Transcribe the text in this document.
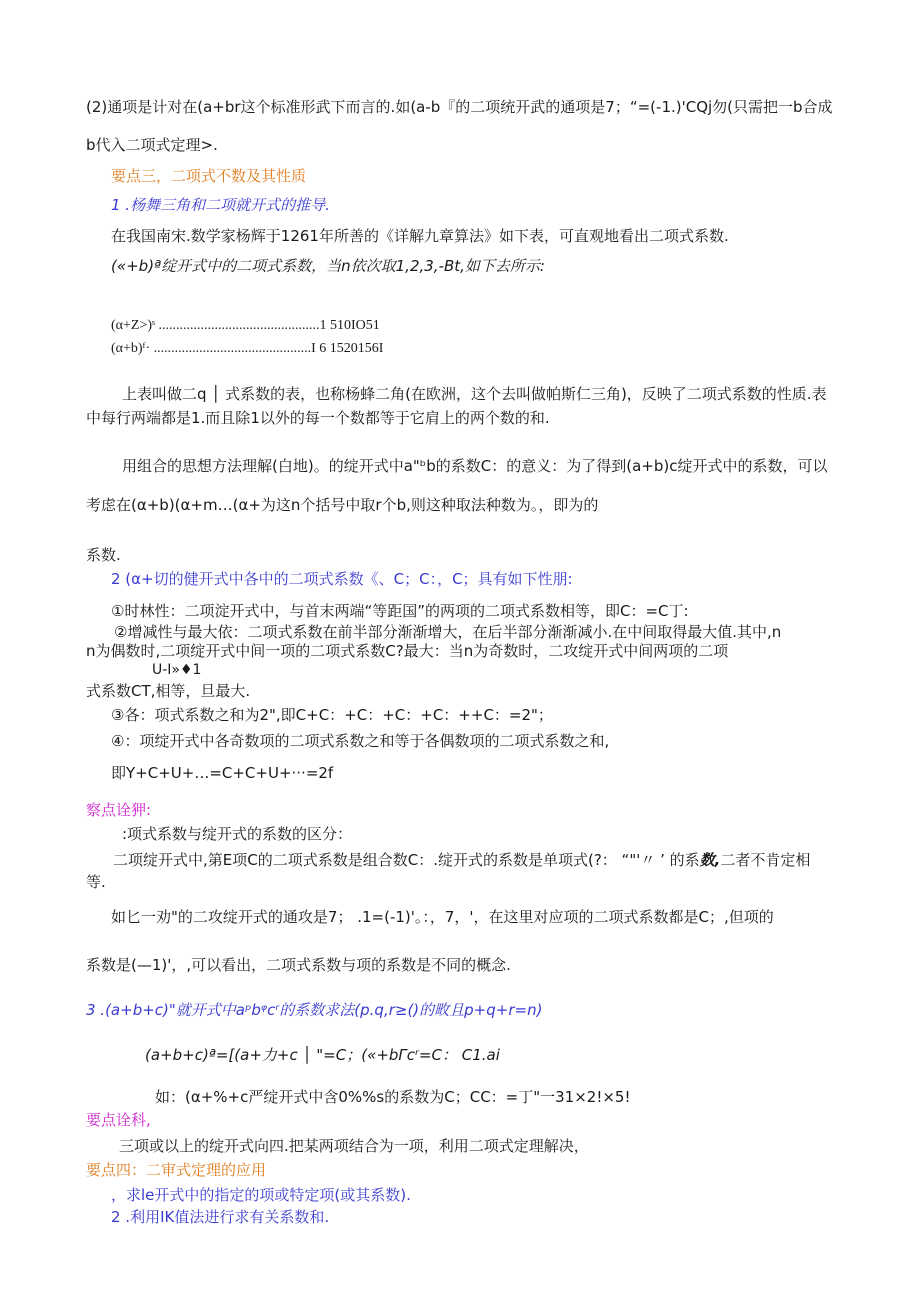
(2)通项是计对在(a+br这个标准形武下而言的.如(a-b『的二项统开武的通项是7；“=(-1.)'CQj勿(只需把一b合成
b代入二项式定理>.
要点三，二项式不数及其性质
1 .杨舞三角和二项就开式的推导.
在我国南宋.数学家杨辉于1261年所善的《详解九章算法》如下表，可直观地看出二项式系数.
(«+b)ª绽开式中的二项式系数，当n依次取1,2,3,-Bt,如下去所示:
(α+Z>)ˢ ..............................................1 510IO51
(α+b)ᶠ· .............................................I 6 1520156I
上表叫做二q │ 式系数的表，也称杨蜂二角(在欧洲，这个去叫做帕斯仁三角)，反映了二项式系数的性质.表
中每行两端都是1.而且除1以外的每一个数都等于它肩上的两个数的和.
用组合的思想方法理解(白地)。的绽开式中a"ᵇb的系数C：的意义：为了得到(a+b)c绽开式中的系数，可以
考虑在(α+b)(α+m…(α+为这n个括号中取r个b,则这种取法种数为。，即为的
系数.
2 (α+切的健开式中各中的二项式系数《、C；C：，C；具有如下性朋:
①时林性：二项淀开式中，与首末两端“等距国”的两项的二项式系数相等，即C：=C丁:
②增减性与最大依：二项式系数在前半部分渐渐增大，在后半部分渐渐减小.在中间取得最大值.其中,n
n为偶数时,二项绽开式中间一项的二项式系数C?最大：当n为奇数时，二攻绽开式中间两项的二项
U-I»♦1
式系数CT,相等，旦最大.
③各：项式系数之和为2",即C+C：+C：+C：+C：++C：=2"；
④：项绽开式中各奇数项的二项式系数之和等于各偶数项的二项式系数之和,
即Y+C+U+…=C+C+U+···=2f
察点诠狎:
:项式系数与绽开式的系数的区分：
二项绽开式中,第E项C的二项式系数是组合数C：.绽开式的系数是单项式(?： “"'〃 ’ 的系数,二者不肯定相
等.
如匕一劝"的二攻绽开式的通攻是7； .1=(-1)'。：，7，'，在这里对应项的二项式系数都是C；,但项的
系数是(—1)'，,可以看出，二项式系数与项的系数是不同的概念.
3 .(a+b+c)"就开式中aᵖbᵠcʳ的系数求法(p.q,r≥()的畋且p+q+r=n)
(a+b+c)ª=[(a+力+c │ "=C；(«+bΓcʳ=C： C1.ai
如：(α+%+c严绽开式中含0%%s的系数为C；CC：=丁"一31×2!×5!
要点诠科,
三项或以上的绽开式向四.把某两项结合为一项，利用二项式定理解决，
要点四：二审式定理的应用
，求le开式中的指定的项或特定项(或其系数).
2 .利用IK值法进行求有关系数和.
